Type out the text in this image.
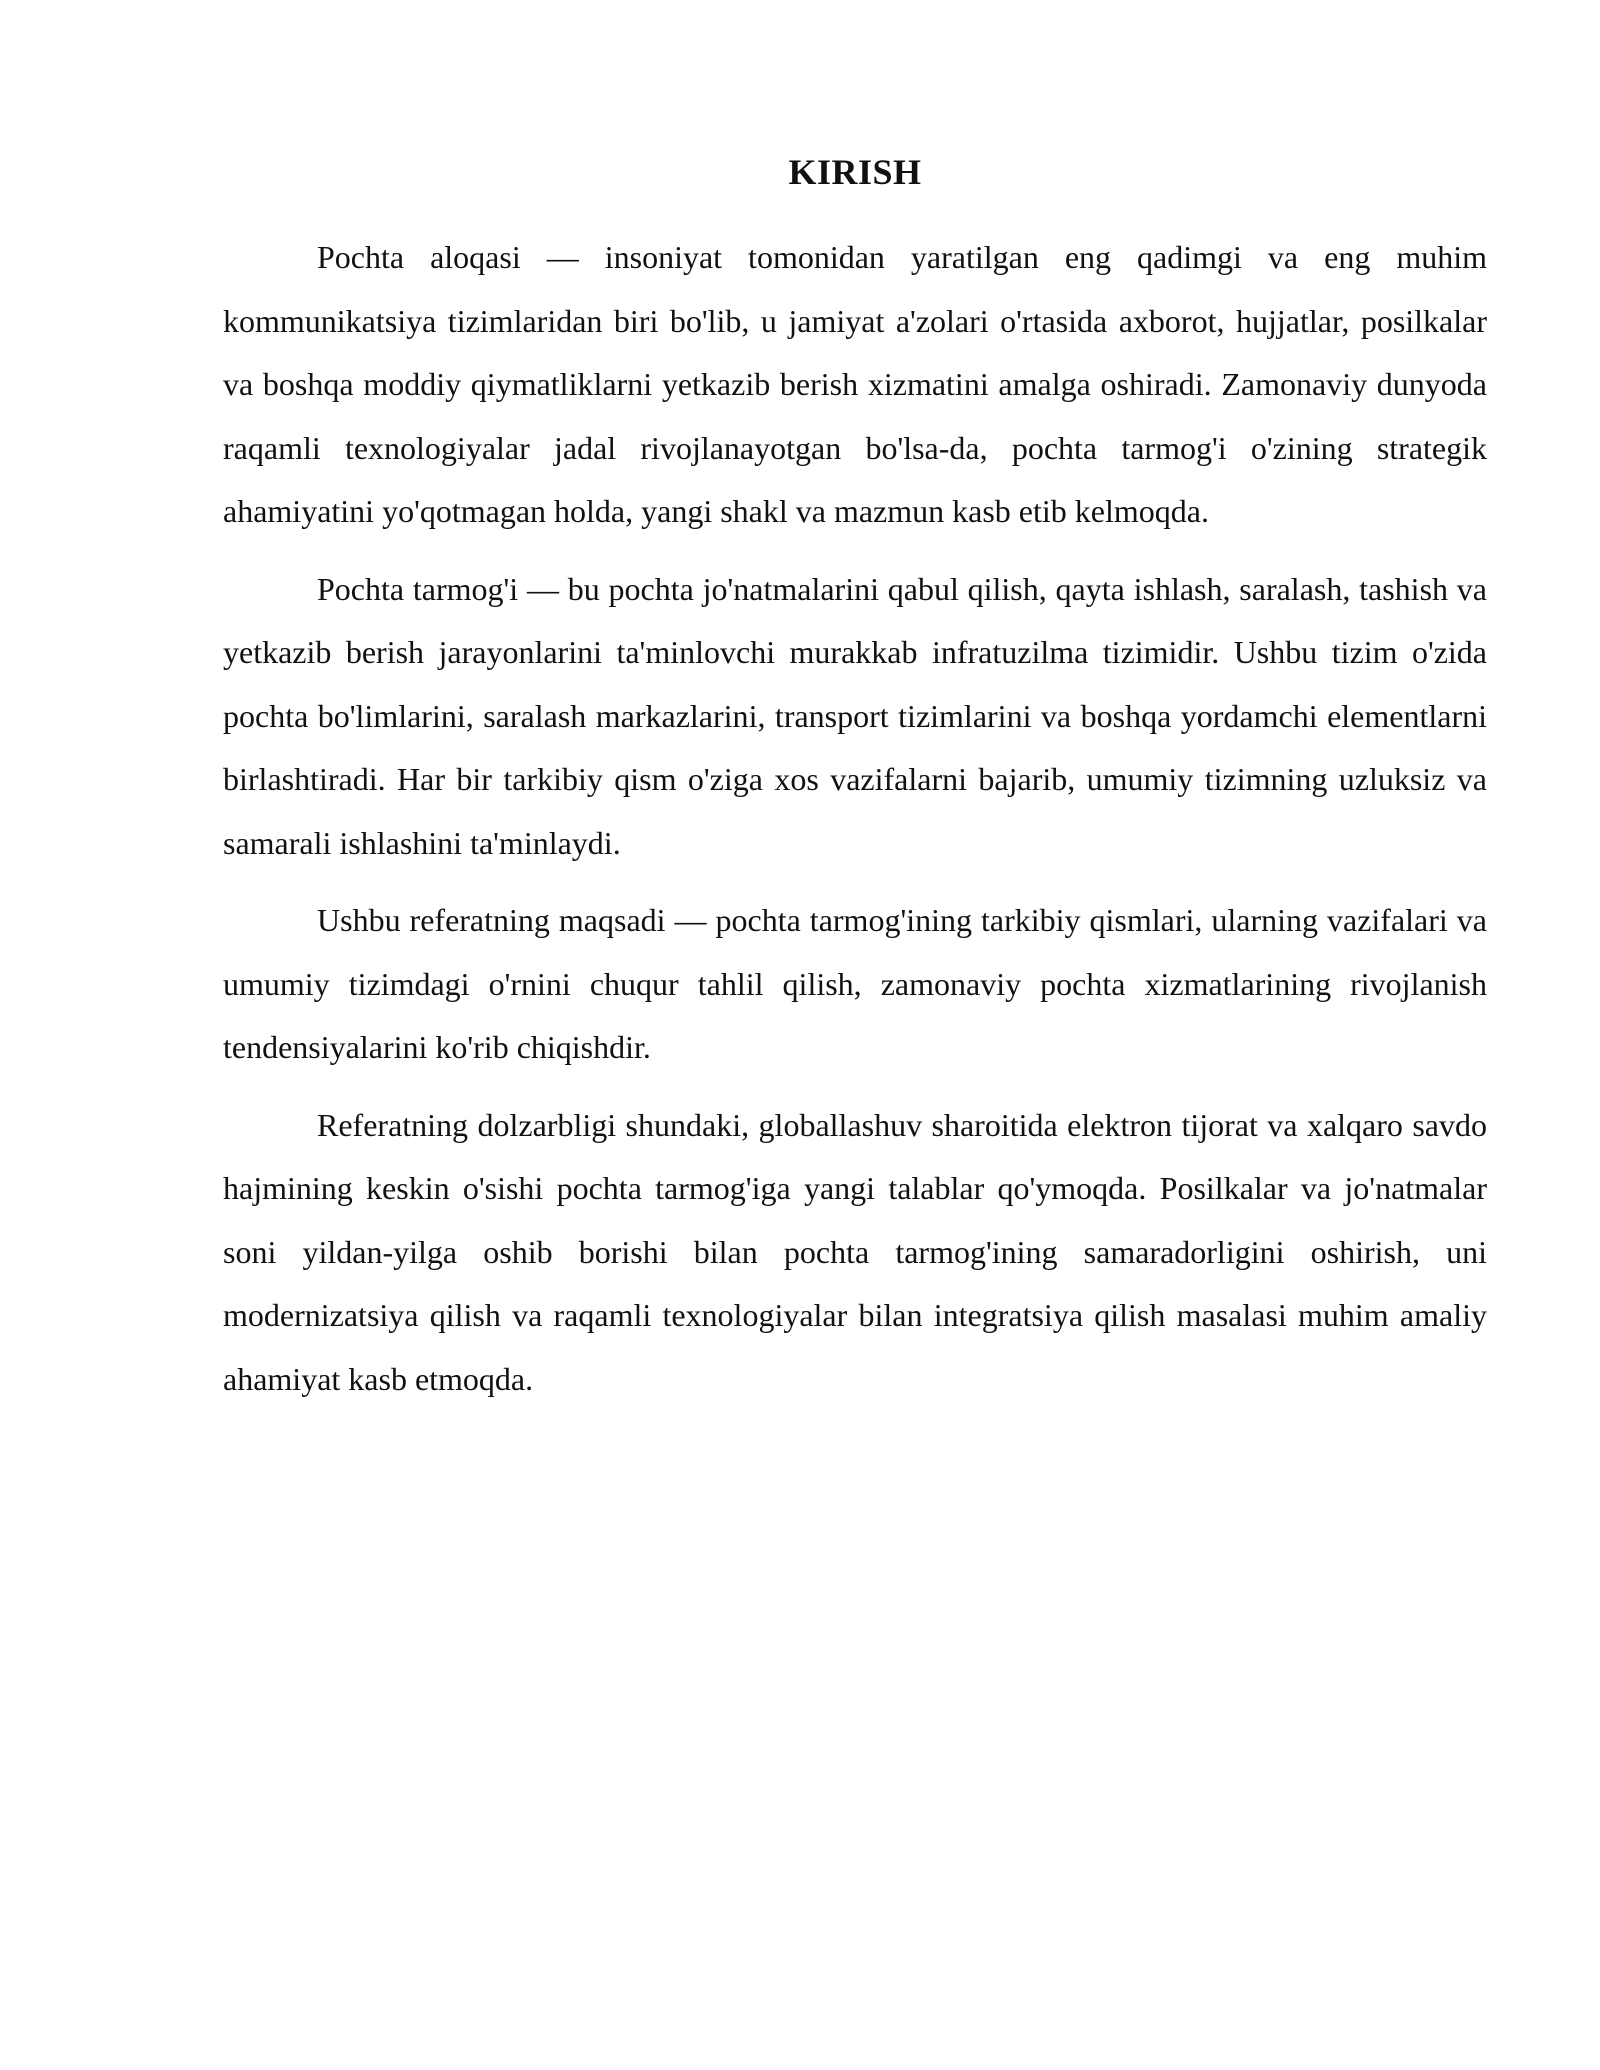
KIRISH

Pochta aloqasi — insoniyat tomonidan yaratilgan eng qadimgi va eng muhim kommunikatsiya tizimlaridan biri bo'lib, u jamiyat a'zolari o'rtasida axborot, hujjatlar, posilkalar va boshqa moddiy qiymatliklarni yetkazib berish xizmatini amalga oshiradi. Zamonaviy dunyoda raqamli texnologiyalar jadal rivojlanayotgan bo'lsa-da, pochta tarmog'i o'zining strategik ahamiyatini yo'qotmagan holda, yangi shakl va mazmun kasb etib kelmoqda.

Pochta tarmog'i — bu pochta jo'natmalarini qabul qilish, qayta ishlash, saralash, tashish va yetkazib berish jarayonlarini ta'minlovchi murakkab infratuzilma tizimidir. Ushbu tizim o'zida pochta bo'limlarini, saralash markazlarini, transport tizimlarini va boshqa yordamchi elementlarni birlashtiradi. Har bir tarkibiy qism o'ziga xos vazifalarni bajarib, umumiy tizimning uzluksiz va samarali ishlashini ta'minlaydi.

Ushbu referatning maqsadi — pochta tarmog'ining tarkibiy qismlari, ularning vazifalari va umumiy tizimdagi o'rnini chuqur tahlil qilish, zamonaviy pochta xizmatlarining rivojlanish tendensiyalarini ko'rib chiqishdir.

Referatning dolzarbligi shundaki, globallashuv sharoitida elektron tijorat va xalqaro savdo hajmining keskin o'sishi pochta tarmog'iga yangi talablar qo'ymoqda. Posilkalar va jo'natmalar soni yildan-yilga oshib borishi bilan pochta tarmog'ining samaradorligini oshirish, uni modernizatsiya qilish va raqamli texnologiyalar bilan integratsiya qilish masalasi muhim amaliy ahamiyat kasb etmoqda.
